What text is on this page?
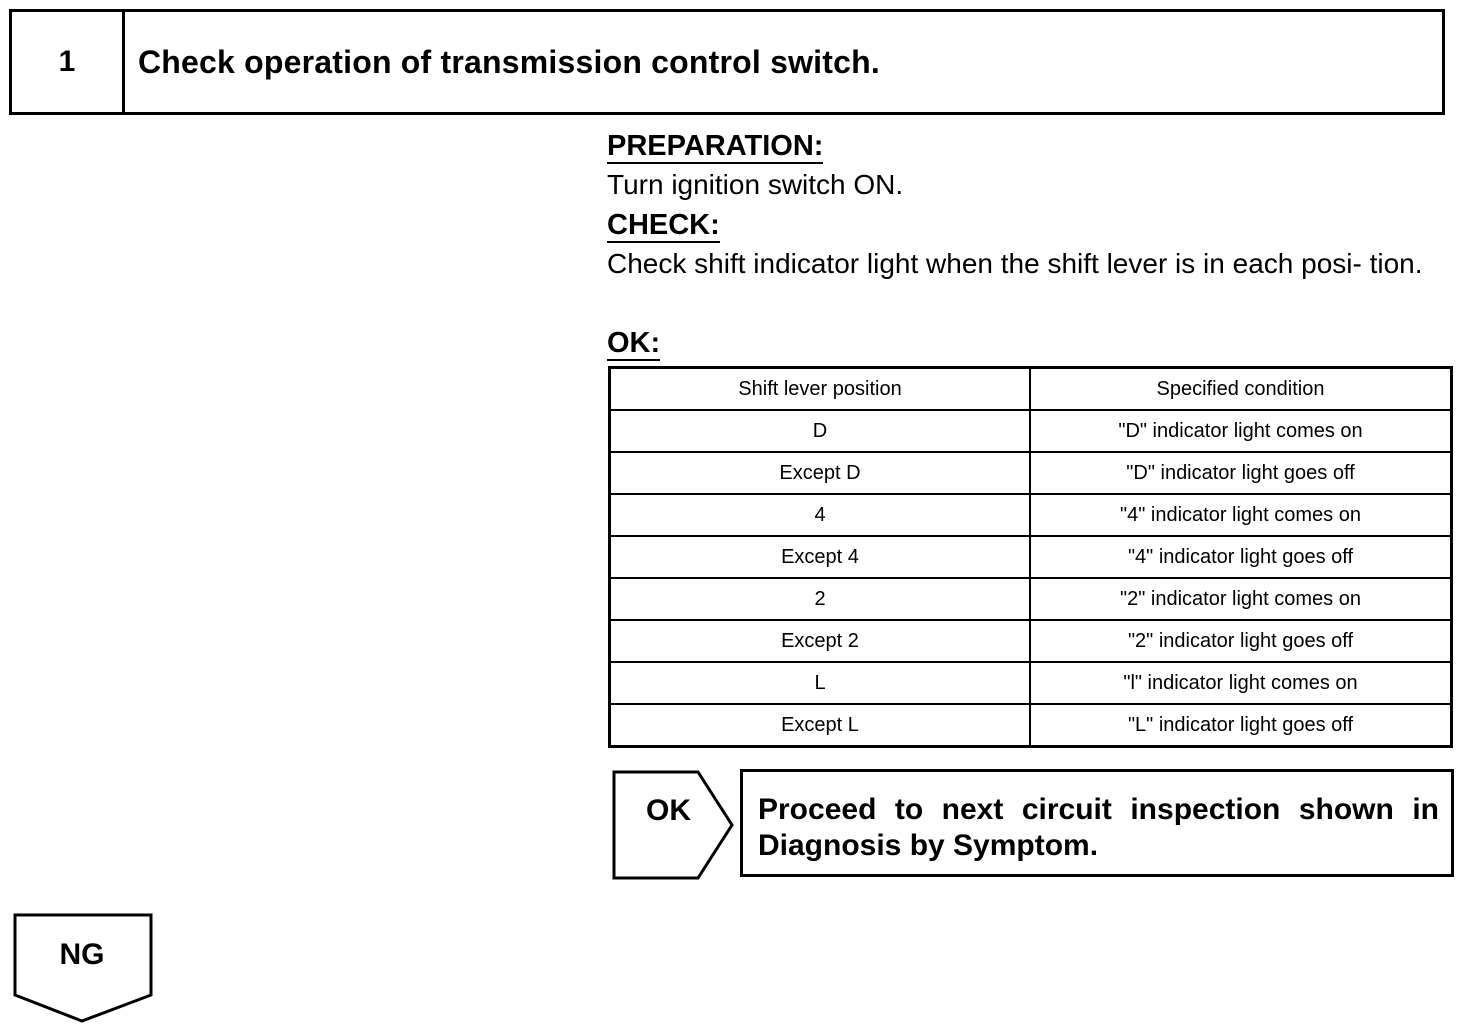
1	Check operation of transmission control switch.
PREPARATION:
Turn ignition switch ON.
CHECK:
Check shift indicator light when the shift lever is in each posi- tion.
OK:
Shift lever position	Specified condition
D	"D" indicator light comes on
Except D	"D" indicator light goes off
4	"4" indicator light comes on
Except 4	"4" indicator light goes off
2	"2" indicator light comes on
Except 2	"2" indicator light goes off
L	"l" indicator light comes on
Except L	"L" indicator light goes off
OK Proceed to next circuit inspection shown in
Diagnosis by Symptom.
NG
